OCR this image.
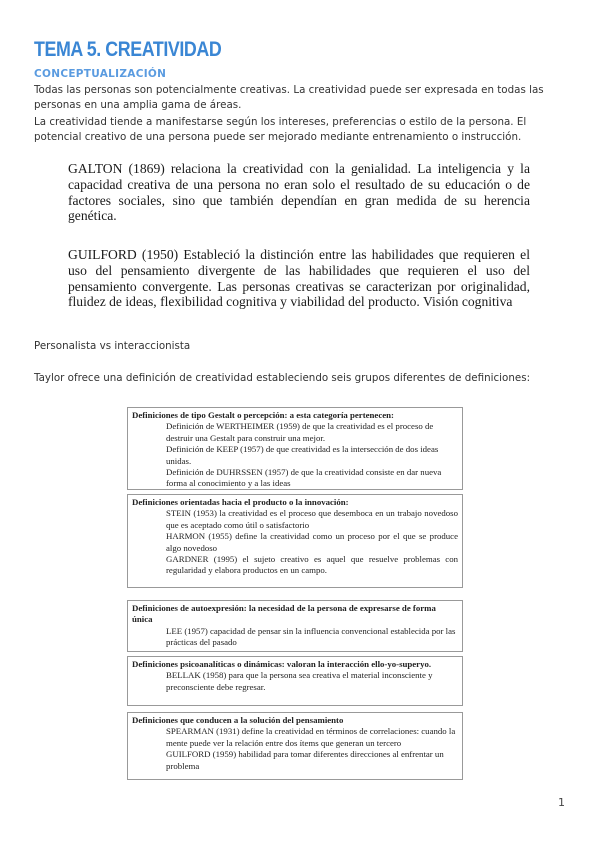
TEMA 5. CREATIVIDAD
CONCEPTUALIZACIÓN
Todas las personas son potencialmente creativas. La creatividad puede ser expresada en todas las personas en una amplia gama de áreas.
La creatividad tiende a manifestarse según los intereses, preferencias o estilo de la persona. El potencial creativo de una persona puede ser mejorado mediante entrenamiento o instrucción.
GALTON (1869) relaciona la creatividad con la genialidad. La inteligencia y la capacidad creativa de una persona no eran solo el resultado de su educación o de factores sociales, sino que también dependían en gran medida de su herencia genética.
GUILFORD (1950) Estableció la distinción entre las habilidades que requieren el uso del pensamiento divergente de las habilidades que requieren el uso del pensamiento convergente. Las personas creativas se caracterizan por originalidad, fluidez de ideas, flexibilidad cognitiva y viabilidad del producto. Visión cognitiva
Personalista vs interaccionista
Taylor ofrece una definición de creatividad estableciendo seis grupos diferentes de definiciones:
Definiciones de tipo Gestalt o percepción: a esta categoría pertenecen:
Definición de WERTHEIMER (1959) de que la creatividad es el proceso de destruir una Gestalt para construir una mejor.
Definición de KEEP (1957) de que creatividad es la intersección de dos ideas unidas.
Definición de DUHRSSEN (1957) de que la creatividad consiste en dar nueva forma al conocimiento y a las ideas
Definiciones orientadas hacia el producto o la innovación:
STEIN (1953) la creatividad es el proceso que desemboca en un trabajo novedoso que es aceptado como útil o satisfactorio
HARMON (1955) define la creatividad como un proceso por el que se produce algo novedoso
GARDNER (1995) el sujeto creativo es aquel que resuelve problemas con regularidad y elabora productos en un campo.
Definiciones de autoexpresión: la necesidad de la persona de expresarse de forma única
LEE (1957) capacidad de pensar sin la influencia convencional establecida por las prácticas del pasado
Definiciones psicoanalíticas o dinámicas: valoran la interacción ello-yo-superyo.
BELLAK (1958) para que la persona sea creativa el material inconsciente y preconsciente debe regresar.
Definiciones que conducen a la solución del pensamiento
SPEARMAN (1931) define la creatividad en términos de correlaciones: cuando la mente puede ver la relación entre dos ítems que generan un tercero
GUILFORD (1959) habilidad para tomar diferentes direcciones al enfrentar un problema
1
